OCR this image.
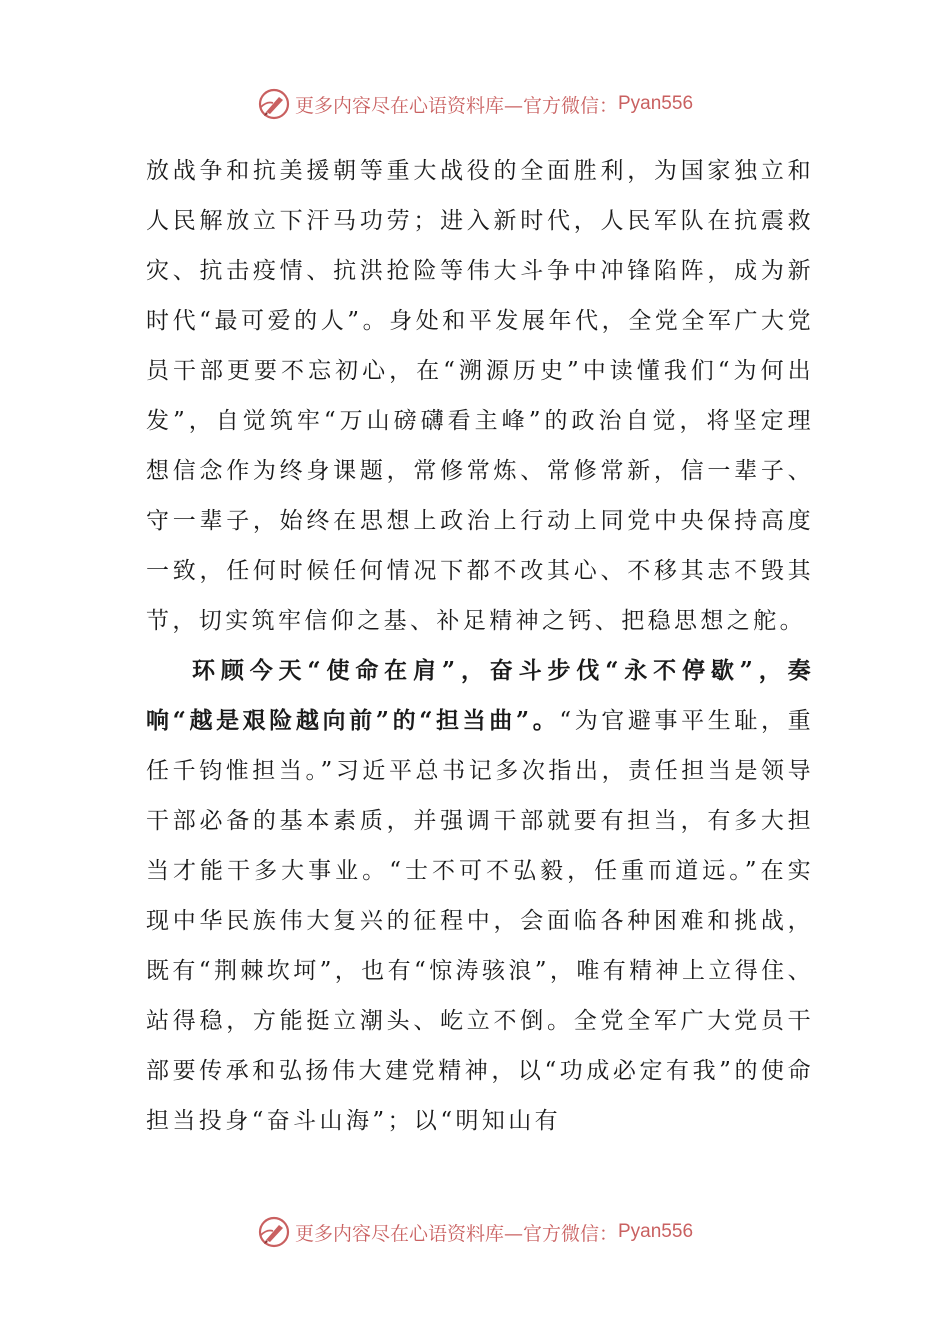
更多内容尽在心语资料库—官方微信： Pyan556

放战争和抗美援朝等重大战役的全面胜利，为国家独立和人民解放立下汗马功劳；进入新时代，人民军队在抗震救灾、抗击疫情、抗洪抢险等伟大斗争中冲锋陷阵，成为新时代“最可爱的人”。身处和平发展年代，全党全军广大党员干部更要不忘初心，在“溯源历史”中读懂我们“为何出发”，自觉筑牢“万山磅礴看主峰”的政治自觉，将坚定理想信念作为终身课题，常修常炼、常修常新，信一辈子、守一辈子，始终在思想上政治上行动上同党中央保持高度一致，任何时候任何情况下都不改其心、不移其志不毁其节，切实筑牢信仰之基、补足精神之钙、把稳思想之舵。

环顾今天“使命在肩”，奋斗步伐“永不停歇”，奏响“越是艰险越向前”的“担当曲”。“为官避事平生耻，重任千钧惟担当。”习近平总书记多次指出，责任担当是领导干部必备的基本素质，并强调干部就要有担当，有多大担当才能干多大事业。“士不可不弘毅，任重而道远。”在实现中华民族伟大复兴的征程中，会面临各种困难和挑战，既有“荆棘坎坷”，也有“惊涛骇浪”，唯有精神上立得住、站得稳，方能挺立潮头、屹立不倒。全党全军广大党员干部要传承和弘扬伟大建党精神，以“功成必定有我”的使命担当投身“奋斗山海”；以“明知山有

更多内容尽在心语资料库—官方微信： Pyan556
